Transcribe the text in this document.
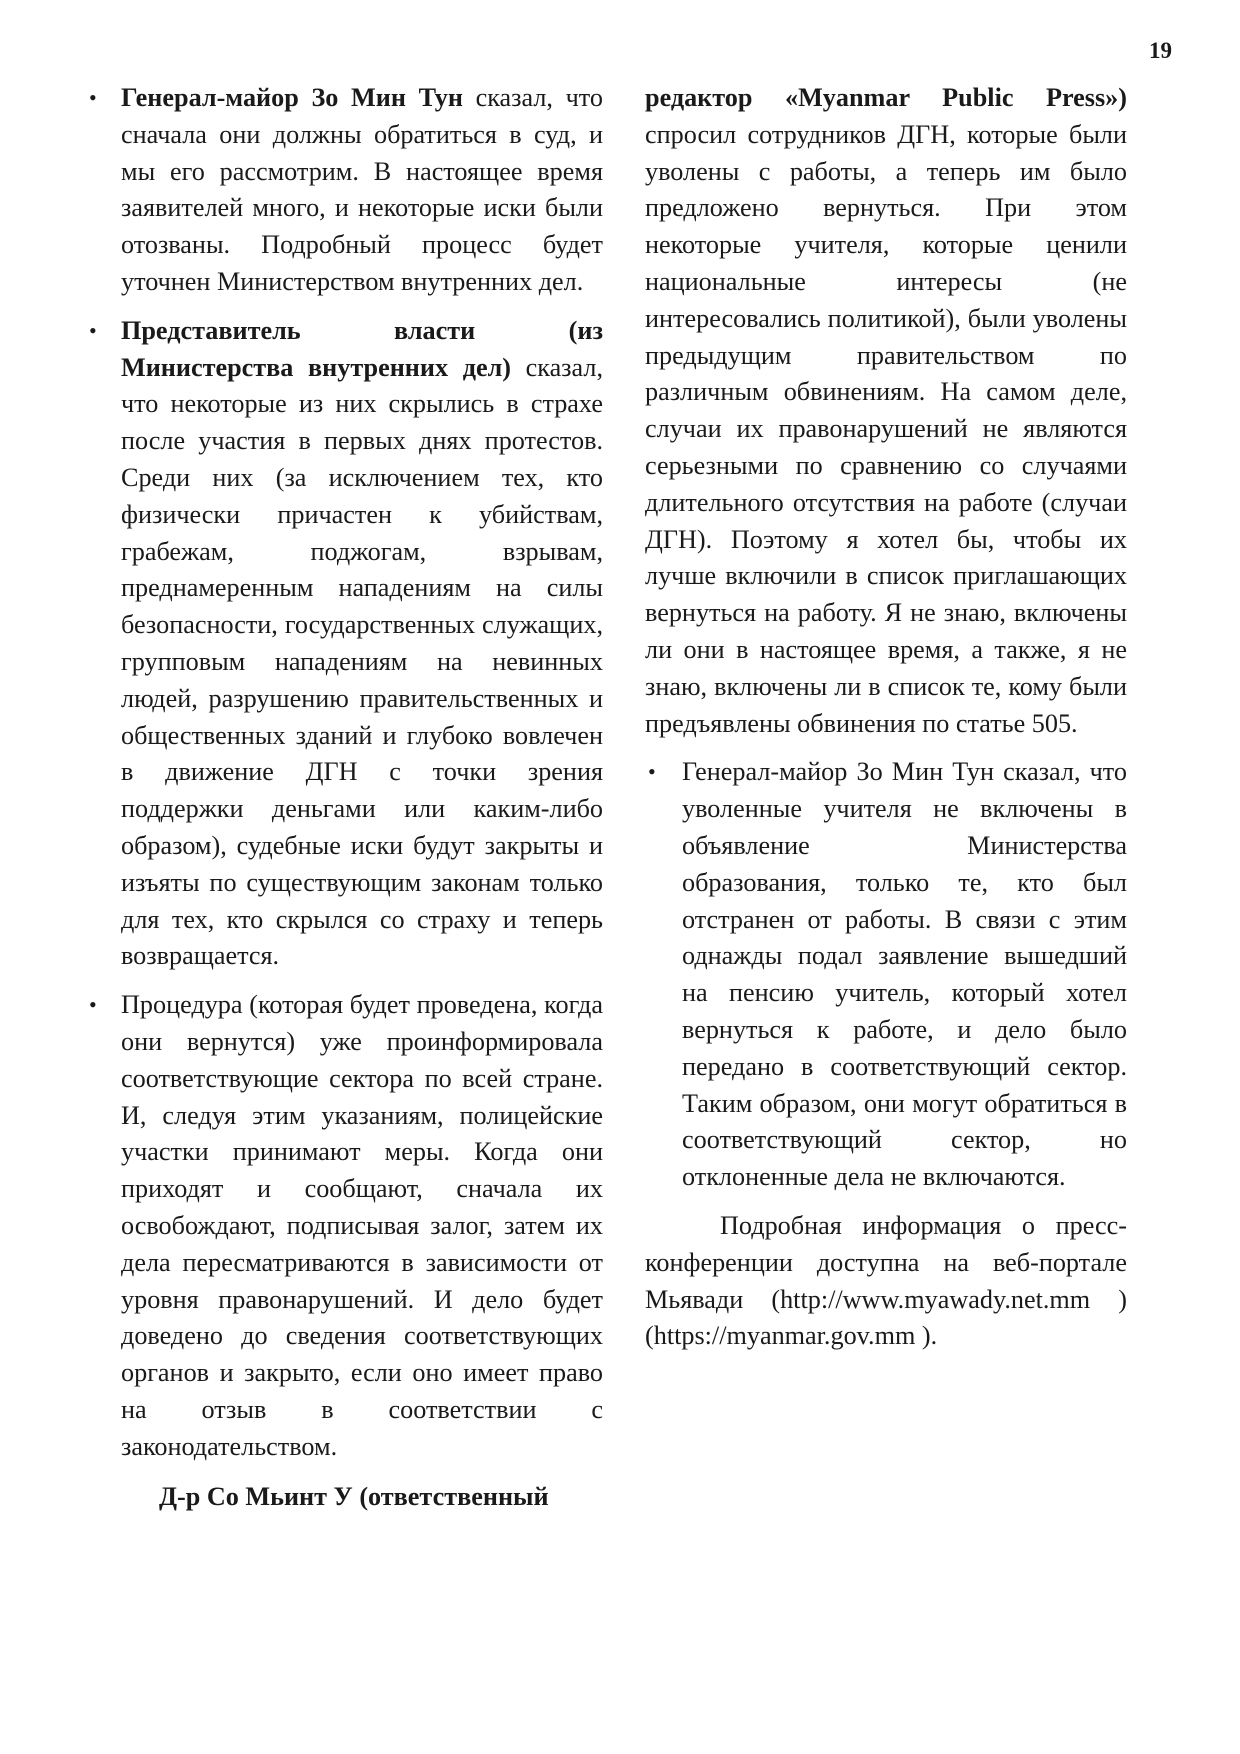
19
• Генерал-майор Зо Мин Тун сказал, что сначала они должны обратиться в суд, и мы его рассмотрим. В настоящее время заявителей много, и некоторые иски были отозваны. Подробный процесс будет уточнен Министерством внутренних дел.
• Представитель власти (из Министерства внутренних дел) сказал, что некоторые из них скрылись в страхе после участия в первых днях протестов. Среди них (за исключением тех, кто физически причастен к убийствам, грабежам, поджогам, взрывам, преднамеренным нападениям на силы безопасности, государственных служащих, групповым нападениям на невинных людей, разрушению правительственных и общественных зданий и глубоко вовлечен в движение ДГН с точки зрения поддержки деньгами или каким-либо образом), судебные иски будут закрыты и изъяты по существующим законам только для тех, кто скрылся со страху и теперь возвращается.
• Процедура (которая будет проведена, когда они вернутся) уже проинформировала соответствующие сектора по всей стране. И, следуя этим указаниям, полицейские участки принимают меры. Когда они приходят и сообщают, сначала их освобождают, подписывая залог, затем их дела пересматриваются в зависимости от уровня правонарушений. И дело будет доведено до сведения соответствующих органов и закрыто, если оно имеет право на отзыв в соответствии с законодательством.

Д-р Со Мьинт У (ответственный

редактор «Myanmar Public Press») спросил сотрудников ДГН, которые были уволены с работы, а теперь им было предложено вернуться. При этом некоторые учителя, которые ценили национальные интересы (не интересовались политикой), были уволены предыдущим правительством по различным обвинениям. На самом деле, случаи их правонарушений не являются серьезными по сравнению со случаями длительного отсутствия на работе (случаи ДГН). Поэтому я хотел бы, чтобы их лучше включили в список приглашающих вернуться на работу. Я не знаю, включены ли они в настоящее время, а также, я не знаю, включены ли в список те, кому были предъявлены обвинения по статье 505.

• Генерал-майор Зо Мин Тун сказал, что уволенные учителя не включены в объявление Министерства образования, только те, кто был отстранен от работы. В связи с этим однажды подал заявление вышедший на пенсию учитель, который хотел вернуться к работе, и дело было передано в соответствующий сектор. Таким образом, они могут обратиться в соответствующий сектор, но отклоненные дела не включаются.

Подробная информация о пресс-конференции доступна на веб-портале Мьявади (http://www.myawady.net.mm ) (https://myanmar.gov.mm ).
